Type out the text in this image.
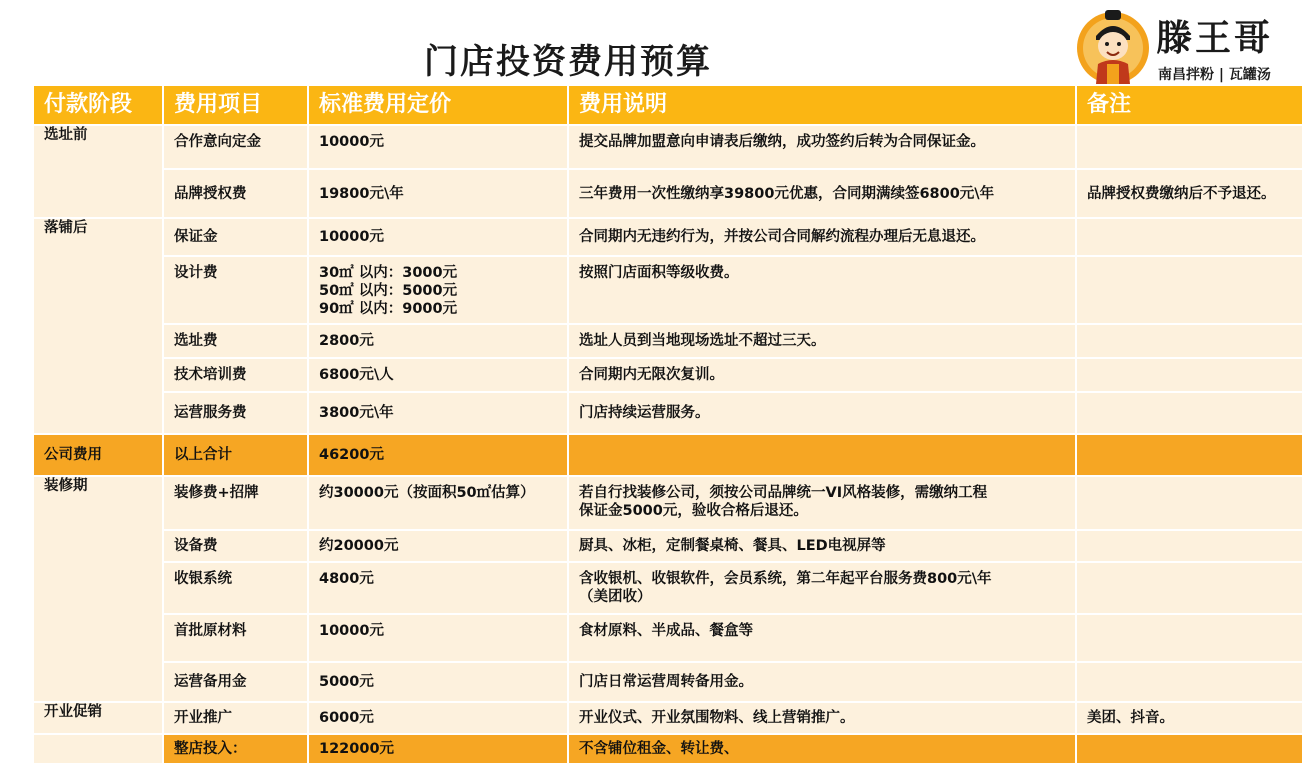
门店投资费用预算
滕王哥
南昌拌粉 | 瓦罐汤
付款阶段	费用项目	标准费用定价	费用说明	备注
选址前	合作意向定金	10000元	提交品牌加盟意向申请表后缴纳，成功签约后转为合同保证金。	

	品牌授权费	19800元\年	三年费用一次性缴纳享39800元优惠，合同期满续签6800元\年	品牌授权费缴纳后不予退还。
落铺后	保证金	10000元	合同期内无违约行为，并按公司合同解约流程办理后无息退还。	

	设计费	30㎡ 以内：3000元
50㎡ 以内：5000元
90㎡ 以内：9000元	按照门店面积等级收费。	

	选址费	2800元	选址人员到当地现场选址不超过三天。	
	技术培训费	6800元\人	合同期内无限次复训。	
	运营服务费	3800元\年	门店持续运营服务。	
公司费用	以上合计	46200元		
装修期	装修费+招牌	约30000元（按面积50㎡估算）	若自行找装修公司，须按公司品牌统一VI风格装修，需缴纳工程
保证金5000元，验收合格后退还。	

	设备费	约20000元	厨具、冰柜，定制餐桌椅、餐具、LED电视屏等	

	收银系统	4800元	含收银机、收银软件，会员系统，第二年起平台服务费800元\年
（美团收）	

	首批原材料	10000元	食材原料、半成品、餐盒等	

	运营备用金	5000元	门店日常运营周转备用金。	
开业促销	开业推广	6000元	开业仪式、开业氛围物料、线上营销推广。	美团、抖音。
	整店投入：	122000元	不含铺位租金、转让费、	
